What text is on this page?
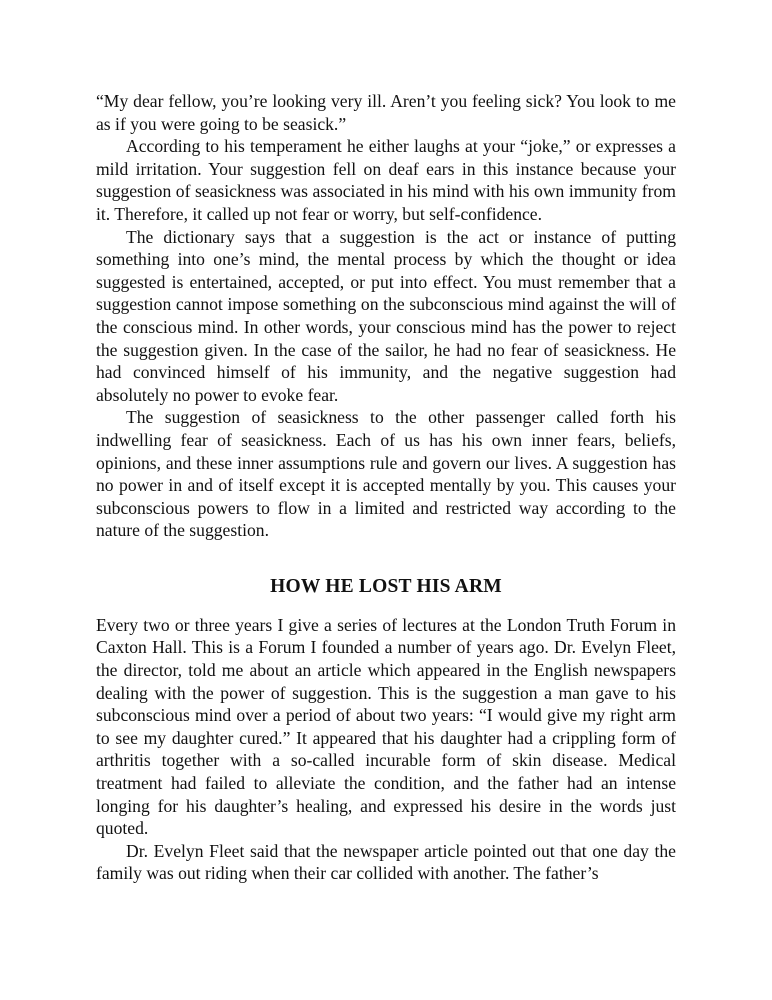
“My dear fellow, you’re looking very ill. Aren’t you feeling sick? You look to me as if you were going to be seasick.”

According to his temperament he either laughs at your “joke,” or expresses a mild irritation. Your suggestion fell on deaf ears in this instance because your suggestion of seasickness was associated in his mind with his own immunity from it. Therefore, it called up not fear or worry, but self-confidence.

The dictionary says that a suggestion is the act or instance of putting something into one’s mind, the mental process by which the thought or idea suggested is entertained, accepted, or put into effect. You must remember that a suggestion cannot impose something on the subconscious mind against the will of the conscious mind. In other words, your conscious mind has the power to reject the suggestion given. In the case of the sailor, he had no fear of seasickness. He had convinced himself of his immunity, and the negative suggestion had absolutely no power to evoke fear.

The suggestion of seasickness to the other passenger called forth his indwelling fear of seasickness. Each of us has his own inner fears, beliefs, opinions, and these inner assumptions rule and govern our lives. A suggestion has no power in and of itself except it is accepted mentally by you. This causes your subconscious powers to flow in a limited and restricted way according to the nature of the suggestion.

HOW HE LOST HIS ARM

Every two or three years I give a series of lectures at the London Truth Forum in Caxton Hall. This is a Forum I founded a number of years ago. Dr. Evelyn Fleet, the director, told me about an article which appeared in the English newspapers dealing with the power of suggestion. This is the suggestion a man gave to his subconscious mind over a period of about two years: “I would give my right arm to see my daughter cured.” It appeared that his daughter had a crippling form of arthritis together with a so-called incurable form of skin disease. Medical treatment had failed to alleviate the condition, and the father had an intense longing for his daughter’s healing, and expressed his desire in the words just quoted.

Dr. Evelyn Fleet said that the newspaper article pointed out that one day the family was out riding when their car collided with another. The father’s
